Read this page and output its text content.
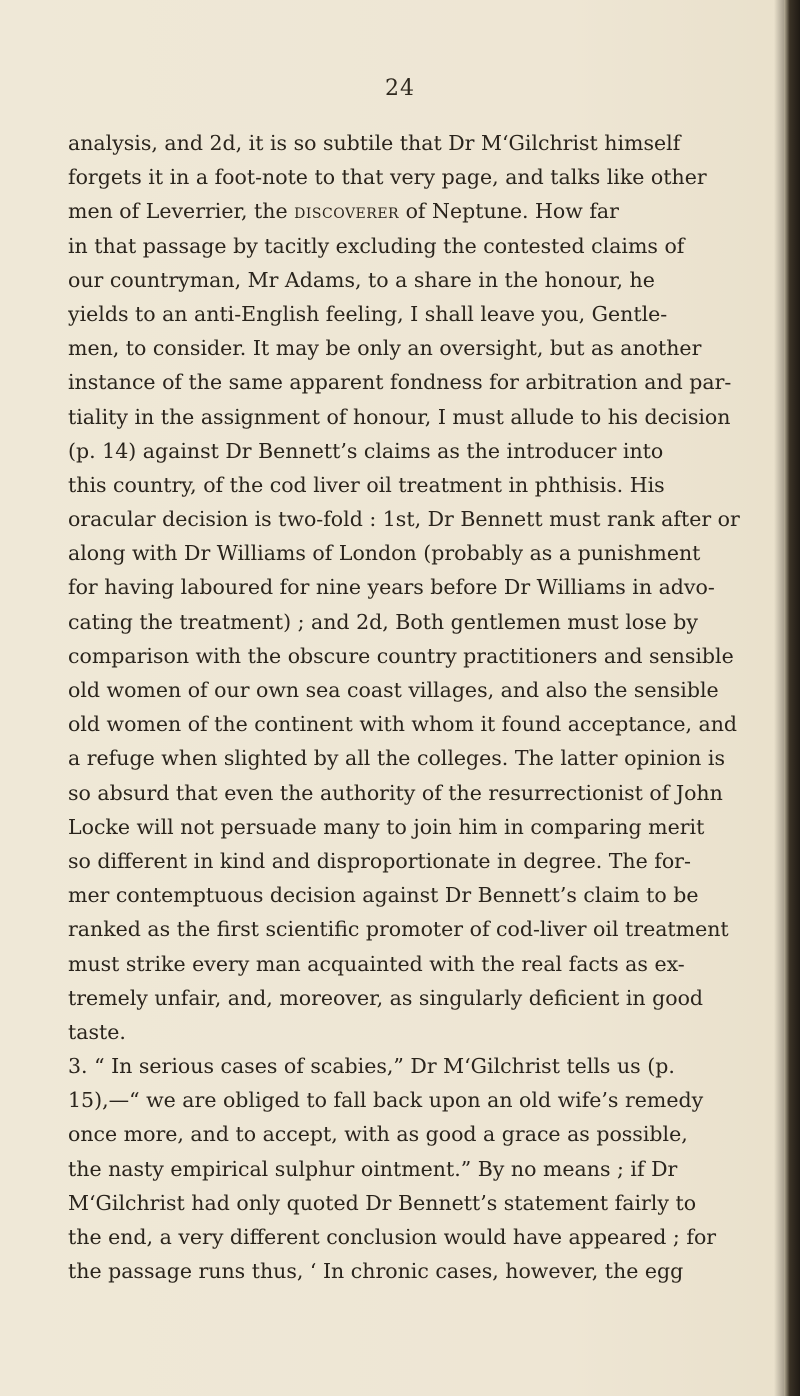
24
analysis, and 2d, it is so subtile that Dr M‘Gilchrist himself
forgets it in a foot-note to that very page, and talks like other
men of Leverrier, the discoverer of Neptune. How far
in that passage by tacitly excluding the contested claims of
our countryman, Mr Adams, to a share in the honour, he
yields to an anti-English feeling, I shall leave you, Gentle-
men, to consider. It may be only an oversight, but as another
instance of the same apparent fondness for arbitration and par-
tiality in the assignment of honour, I must allude to his decision
(p. 14) against Dr Bennett’s claims as the introducer into
this country, of the cod liver oil treatment in phthisis. His
oracular decision is two-fold : 1st, Dr Bennett must rank after or
along with Dr Williams of London (probably as a punishment
for having laboured for nine years before Dr Williams in advo-
cating the treatment) ; and 2d, Both gentlemen must lose by
comparison with the obscure country practitioners and sensible
old women of our own sea coast villages, and also the sensible
old women of the continent with whom it found acceptance, and
a refuge when slighted by all the colleges. The latter opinion is
so absurd that even the authority of the resurrectionist of John
Locke will not persuade many to join him in comparing merit
so different in kind and disproportionate in degree. The for-
mer contemptuous decision against Dr Bennett’s claim to be
ranked as the first scientific promoter of cod-liver oil treatment
must strike every man acquainted with the real facts as ex-
tremely unfair, and, moreover, as singularly deficient in good
taste.
3. “ In serious cases of scabies,” Dr M‘Gilchrist tells us (p.
15),—“ we are obliged to fall back upon an old wife’s remedy
once more, and to accept, with as good a grace as possible,
the nasty empirical sulphur ointment.” By no means ; if Dr
M‘Gilchrist had only quoted Dr Bennett’s statement fairly to
the end, a very different conclusion would have appeared ; for
the passage runs thus, ‘ In chronic cases, however, the egg
